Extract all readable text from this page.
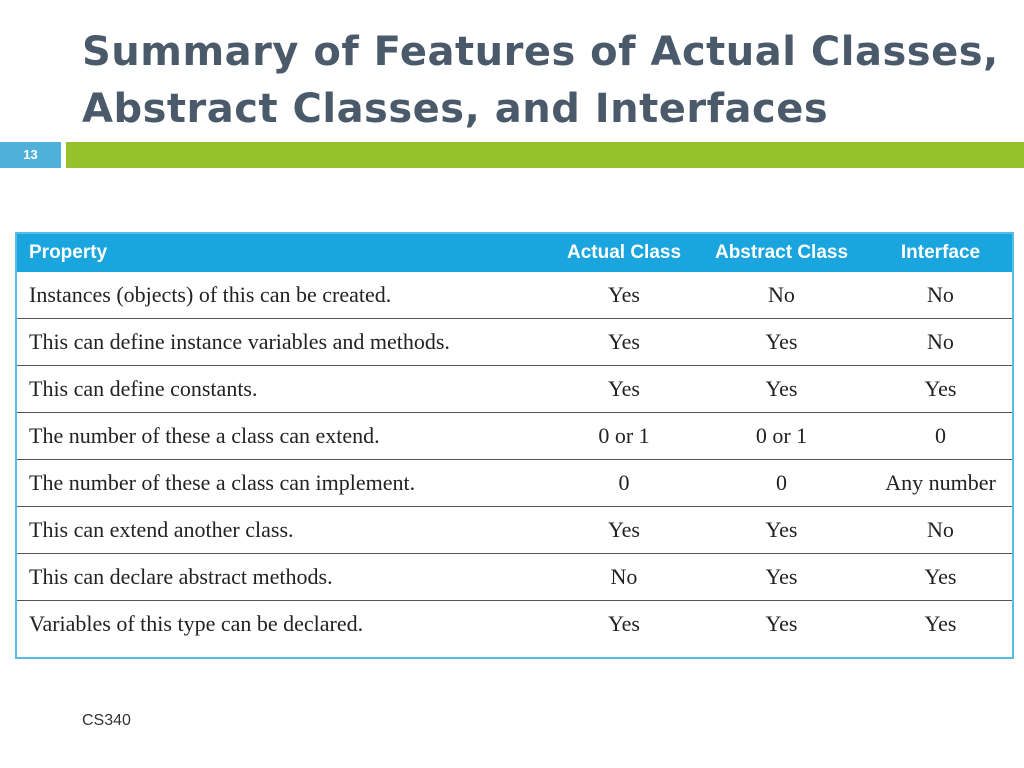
Summary of Features of Actual Classes,
Abstract Classes, and Interfaces
13
Property	Actual Class	Abstract Class	Interface
Instances (objects) of this can be created.	Yes	No	No
This can define instance variables and methods.	Yes	Yes	No
This can define constants.	Yes	Yes	Yes
The number of these a class can extend.	0 or 1	0 or 1	0
The number of these a class can implement.	0	0	Any number
This can extend another class.	Yes	Yes	No
This can declare abstract methods.	No	Yes	Yes
Variables of this type can be declared.	Yes	Yes	Yes
CS340
